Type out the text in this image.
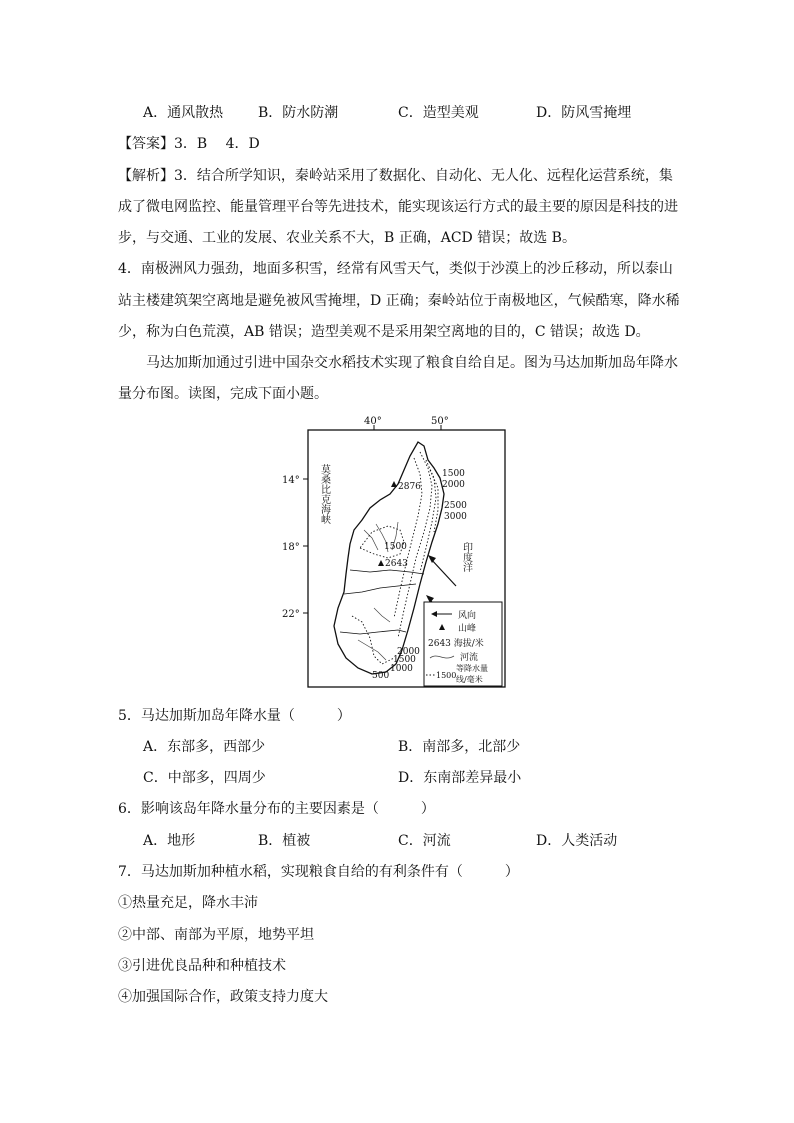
A．通风散热 B．防水防潮	C．造型美观	D．防风雪掩埋
【答案】3．B　 4．D
【解析】3．结合所学知识，秦岭站采用了数据化、自动化、无人化、远程化运营系统，集
成了微电网监控、能量管理平台等先进技术，能实现该运行方式的最主要的原因是科技的进
步，与交通、工业的发展、农业关系不大，B 正确，ACD 错误；故选 B。
4．南极洲风力强劲，地面多积雪，经常有风雪天气，类似于沙漠上的沙丘移动，所以泰山
站主楼建筑架空离地是避免被风雪掩埋，D 正确；秦岭站位于南极地区，气候酷寒，降水稀
少，称为白色荒漠，AB 错误；造型美观不是采用架空离地的目的，C 错误；故选 D。
马达加斯加通过引进中国杂交水稻技术实现了粮食自给自足。图为马达加斯加岛年降水
量分布图。读图，完成下面小题。
40°	50°
14°
18°
22°
莫桑比克海峡
印度洋
2876
2643
1500
1500
2000
2500
3000
2000
1500
1000
500
风向
山峰
2643 海拔/米
河流
等降水量
1500 线/毫米
5．马达加斯加岛年降水量（　　　）
A．东部多，西部少	B．南部多，北部少
C．中部多，四周少	D．东南部差异最小
6．影响该岛年降水量分布的主要因素是（　　　）
A．地形	B．植被	C．河流	D．人类活动
7．马达加斯加种植水稻，实现粮食自给的有利条件有（　　　）
①热量充足，降水丰沛
②中部、南部为平原，地势平坦
③引进优良品种和种植技术
④加强国际合作，政策支持力度大
